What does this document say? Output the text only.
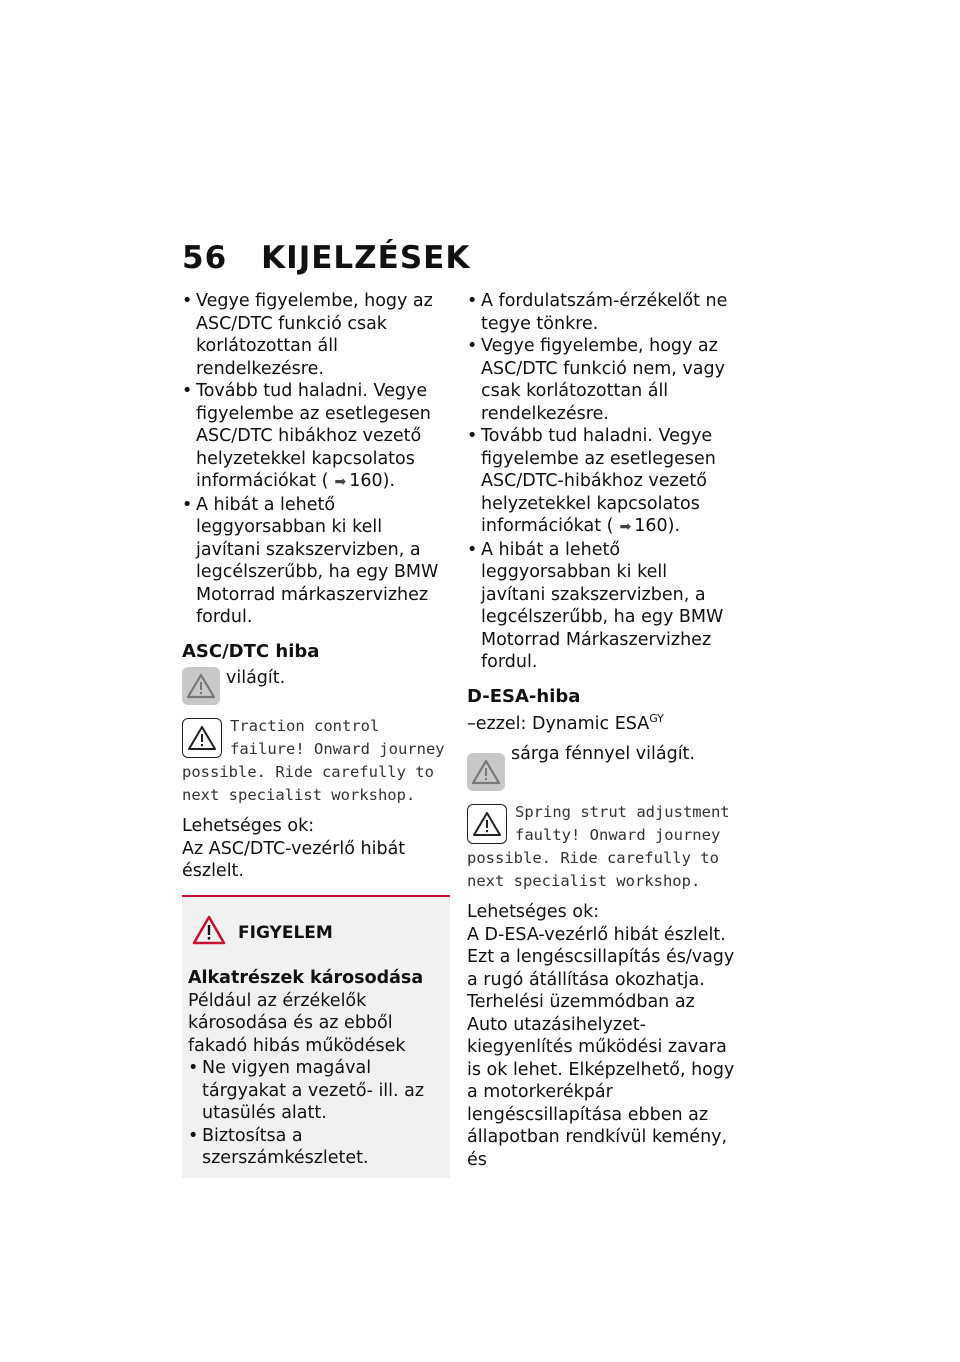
56 KIJELZÉSEK
• Vegye figyelembe, hogy az ASC/DTC funkció csak korlátozottan áll rendelkezésre.
• Tovább tud haladni. Vegye figyelembe az esetlegesen ASC/DTC hibákhoz vezető helyzetekkel kapcsolatos információkat ( ➡ 160).
• A hibát a lehető leggyorsabban ki kell javítani szakszervizben, a legcélszerűbb, ha egy BMW Motorrad márkaszervizhez fordul.
ASC/DTC hiba
világít.
Traction control failure! Onward journey possible. Ride carefully to next specialist workshop.
Lehetséges ok:
Az ASC/DTC-vezérlő hibát észlelt.
FIGYELEM
Alkatrészek károsodása
Például az érzékelők károsodása és az ebből fakadó hibás működések
• Ne vigyen magával tárgyakat a vezető- ill. az utasülés alatt.
• Biztosítsa a szerszámkészletet.
• A fordulatszám-érzékelőt ne tegye tönkre.
• Vegye figyelembe, hogy az ASC/DTC funkció nem, vagy csak korlátozottan áll rendelkezésre.
• Tovább tud haladni. Vegye figyelembe az esetlegesen ASC/DTC-hibákhoz vezető helyzetekkel kapcsolatos információkat ( ➡ 160).
• A hibát a lehető leggyorsabban ki kell javítani szakszervizben, a legcélszerűbb, ha egy BMW Motorrad Márkaszervizhez fordul.
D-ESA-hiba
–ezzel: Dynamic $ESA^{GY}$
sárga fénnyel világít.
Spring strut adjustment faulty! Onward journey possible. Ride carefully to next specialist workshop.
Lehetséges ok:
A D-ESA-vezérlő hibát észlelt. Ezt a lengéscsillapítás és/vagy a rugó átállítása okozhatja. Terhelési üzemmódban az Auto utazásihelyzet-kiegyenlítés működési zavara is ok lehet. Elképzelhető, hogy a motorkerékpár lengéscsillapítása ebben az állapotban rendkívül kemény, és
